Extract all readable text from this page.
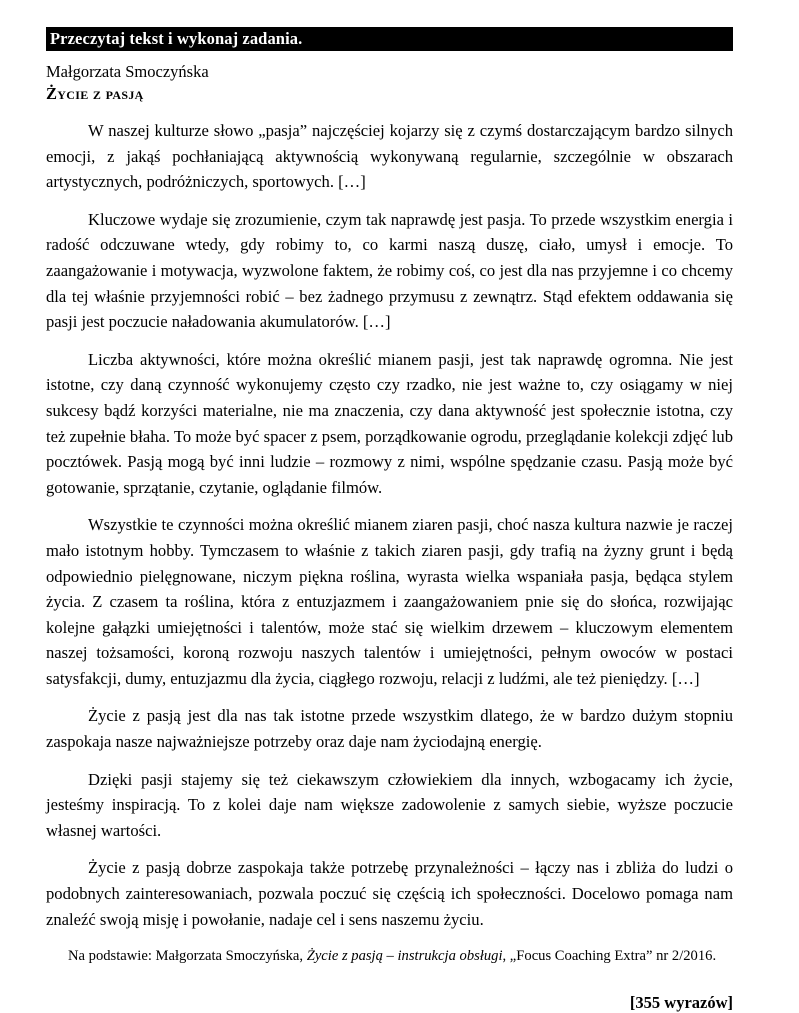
Przeczytaj tekst i wykonaj zadania.
Małgorzata Smoczyńska
Życie z pasją

W naszej kulturze słowo „pasja” najczęściej kojarzy się z czymś dostarczającym bardzo silnych emocji, z jakąś pochłaniającą aktywnością wykonywaną regularnie, szczególnie w obszarach artystycznych, podróżniczych, sportowych. […]

Kluczowe wydaje się zrozumienie, czym tak naprawdę jest pasja. To przede wszystkim energia i radość odczuwane wtedy, gdy robimy to, co karmi naszą duszę, ciało, umysł i emocje. To zaangażowanie i motywacja, wyzwolone faktem, że robimy coś, co jest dla nas przyjemne i co chcemy dla tej właśnie przyjemności robić – bez żadnego przymusu z zewnątrz. Stąd efektem oddawania się pasji jest poczucie naładowania akumulatorów. […]

Liczba aktywności, które można określić mianem pasji, jest tak naprawdę ogromna. Nie jest istotne, czy daną czynność wykonujemy często czy rzadko, nie jest ważne to, czy osiągamy w niej sukcesy bądź korzyści materialne, nie ma znaczenia, czy dana aktywność jest społecznie istotna, czy też zupełnie błaha. To może być spacer z psem, porządkowanie ogrodu, przeglądanie kolekcji zdjęć lub pocztówek. Pasją mogą być inni ludzie – rozmowy z nimi, wspólne spędzanie czasu. Pasją może być gotowanie, sprzątanie, czytanie, oglądanie filmów.

Wszystkie te czynności można określić mianem ziaren pasji, choć nasza kultura nazwie je raczej mało istotnym hobby. Tymczasem to właśnie z takich ziaren pasji, gdy trafią na żyzny grunt i będą odpowiednio pielęgnowane, niczym piękna roślina, wyrasta wielka wspaniała pasja, będąca stylem życia. Z czasem ta roślina, która z entuzjazmem i zaangażowaniem pnie się do słońca, rozwijając kolejne gałązki umiejętności i talentów, może stać się wielkim drzewem – kluczowym elementem naszej tożsamości, koroną rozwoju naszych talentów i umiejętności, pełnym owoców w postaci satysfakcji, dumy, entuzjazmu dla życia, ciągłego rozwoju, relacji z ludźmi, ale też pieniędzy. […]

Życie z pasją jest dla nas tak istotne przede wszystkim dlatego, że w bardzo dużym stopniu zaspokaja nasze najważniejsze potrzeby oraz daje nam życiodajną energię.

Dzięki pasji stajemy się też ciekawszym człowiekiem dla innych, wzbogacamy ich życie, jesteśmy inspiracją. To z kolei daje nam większe zadowolenie z samych siebie, wyższe poczucie własnej wartości.

Życie z pasją dobrze zaspokaja także potrzebę przynależności – łączy nas i zbliża do ludzi o podobnych zainteresowaniach, pozwala poczuć się częścią ich społeczności. Docelowo pomaga nam znaleźć swoją misję i powołanie, nadaje cel i sens naszemu życiu.

Na podstawie: Małgorzata Smoczyńska, Życie z pasją – instrukcja obsługi, „Focus Coaching Extra” nr 2/2016.
[355 wyrazów]
